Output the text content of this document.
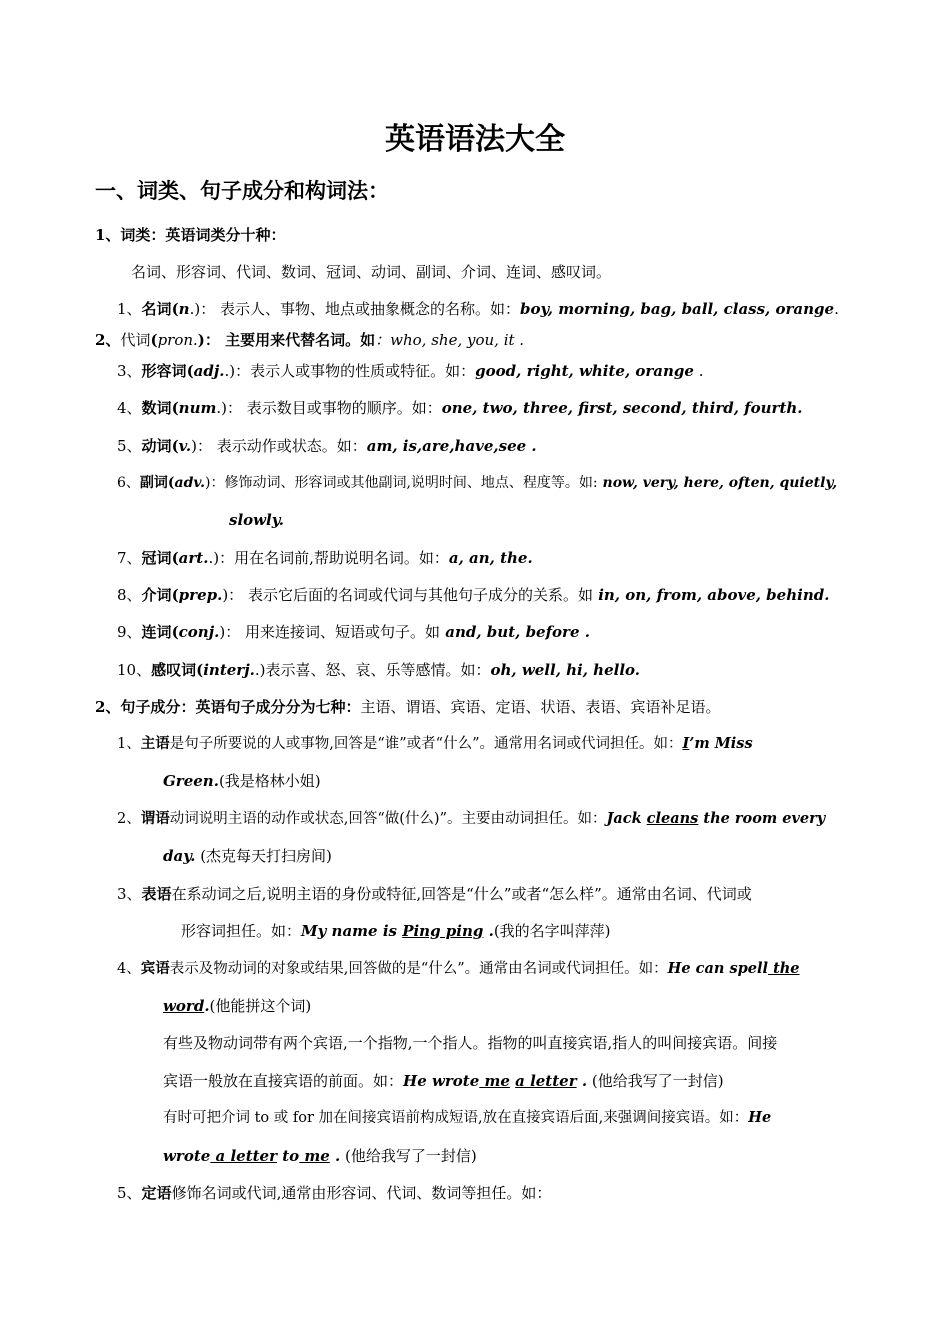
英语语法大全
一、词类、句子成分和构词法：
1、词类：英语词类分十种：
名词、形容词、代词、数词、冠词、动词、副词、介词、连词、感叹词。
1、名词(n.)： 表示人、事物、地点或抽象概念的名称。如：boy, morning, bag, ball, class, orange.
2、代词(pron.)： 主要用来代替名词。如：who, she, you, it .
3、形容词(adj..)：表示人或事物的性质或特征。如：good, right, white, orange .
4、数词(num.)： 表示数目或事物的顺序。如：one, two, three, first, second, third, fourth.
5、动词(v.)： 表示动作或状态。如：am, is,are,have,see .
6、副词(adv.)：修饰动词、形容词或其他副词,说明时间、地点、程度等。如: now, very, here, often, quietly,
slowly.
7、冠词(art..)：用在名词前,帮助说明名词。如：a, an, the.
8、介词(prep.)： 表示它后面的名词或代词与其他句子成分的关系。如 in, on, from, above, behind.
9、连词(conj.)： 用来连接词、短语或句子。如 and, but, before .
10、感叹词(interj..)表示喜、怒、哀、乐等感情。如：oh, well, hi, hello.
2、句子成分：英语句子成分分为七种：主语、谓语、宾语、定语、状语、表语、宾语补足语。
1、主语是句子所要说的人或事物,回答是“谁”或者“什么”。通常用名词或代词担任。如：I’m Miss
Green.(我是格林小姐)
2、谓语动词说明主语的动作或状态,回答“做(什么)”。主要由动词担任。如：Jack cleans the room every
day. (杰克每天打扫房间)
3、表语在系动词之后,说明主语的身份或特征,回答是“什么”或者“怎么样”。通常由名词、代词或
形容词担任。如：My name is Ping ping .(我的名字叫萍萍)
4、宾语表示及物动词的对象或结果,回答做的是“什么”。通常由名词或代词担任。如：He can spell the
word.(他能拼这个词)
有些及物动词带有两个宾语,一个指物,一个指人。指物的叫直接宾语,指人的叫间接宾语。间接
宾语一般放在直接宾语的前面。如：He wrote me a letter . (他给我写了一封信)
有时可把介词 to 或 for 加在间接宾语前构成短语,放在直接宾语后面,来强调间接宾语。如：He
wrote a letter to me . (他给我写了一封信)
5、定语修饰名词或代词,通常由形容词、代词、数词等担任。如：
